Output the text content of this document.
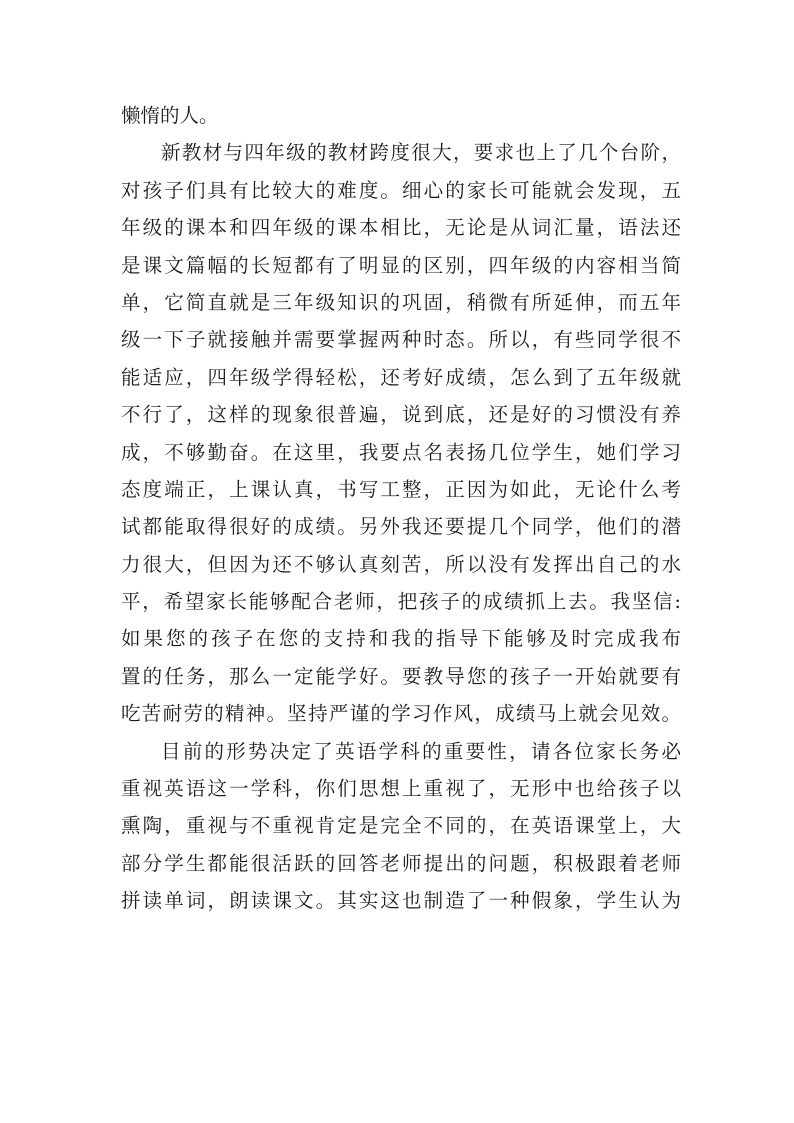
懒惰的人。
新教材与四年级的教材跨度很大，要求也上了几个台阶，
对孩子们具有比较大的难度。细心的家长可能就会发现，五
年级的课本和四年级的课本相比，无论是从词汇量，语法还
是课文篇幅的长短都有了明显的区别，四年级的内容相当简
单，它简直就是三年级知识的巩固，稍微有所延伸，而五年
级一下子就接触并需要掌握两种时态。所以，有些同学很不
能适应，四年级学得轻松，还考好成绩，怎么到了五年级就
不行了，这样的现象很普遍，说到底，还是好的习惯没有养
成，不够勤奋。在这里，我要点名表扬几位学生，她们学习
态度端正，上课认真，书写工整，正因为如此，无论什么考
试都能取得很好的成绩。另外我还要提几个同学，他们的潜
力很大，但因为还不够认真刻苦，所以没有发挥出自己的水
平，希望家长能够配合老师，把孩子的成绩抓上去。我坚信:
如果您的孩子在您的支持和我的指导下能够及时完成我布
置的任务，那么一定能学好。要教导您的孩子一开始就要有
吃苦耐劳的精神。坚持严谨的学习作风，成绩马上就会见效。
目前的形势决定了英语学科的重要性，请各位家长务必
重视英语这一学科，你们思想上重视了，无形中也给孩子以
熏陶，重视与不重视肯定是完全不同的，在英语课堂上，大
部分学生都能很活跃的回答老师提出的问题，积极跟着老师
拼读单词，朗读课文。其实这也制造了一种假象，学生认为
